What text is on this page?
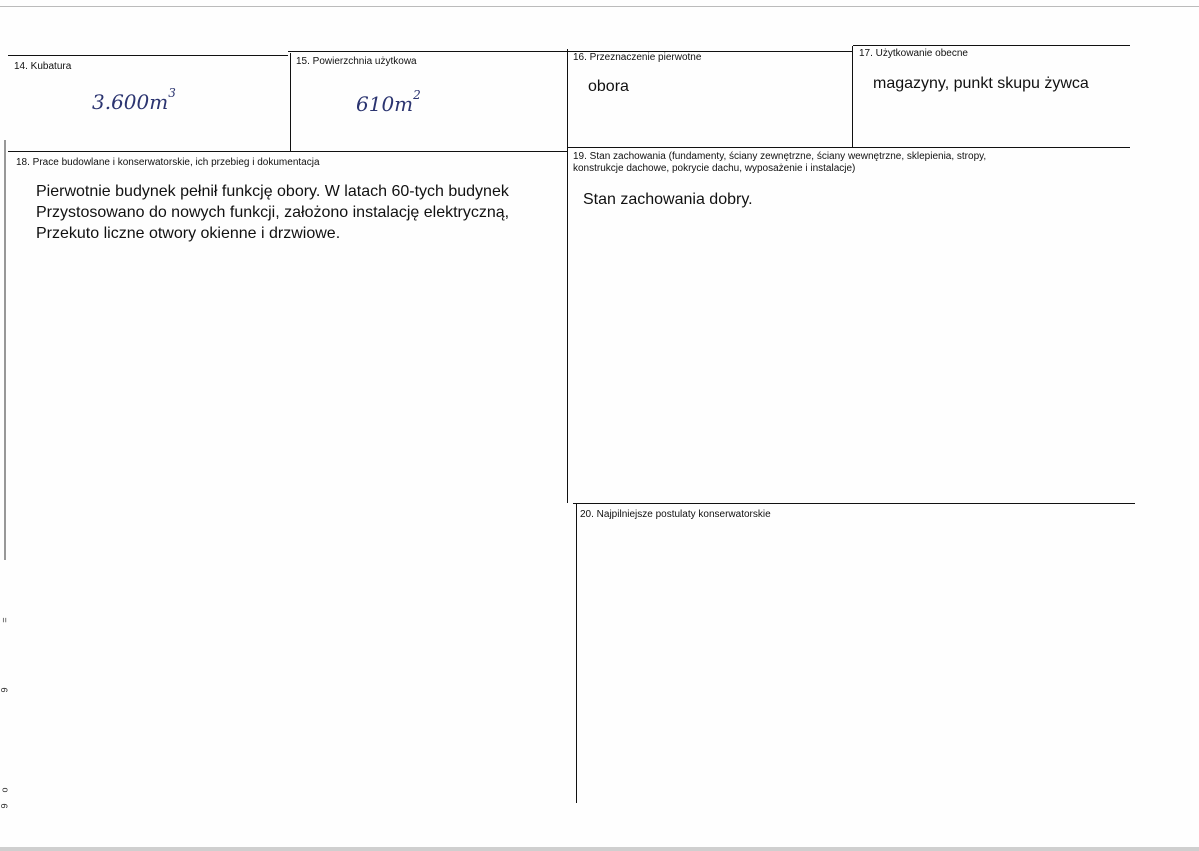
14. Kubatura
$3.600m^3$
15. Powierzchnia użytkowa
$610m^2$
16. Przeznaczenie pierwotne
obora
17. Użytkowanie obecne
magazyny, punkt skupu żywca
18. Prace budowlane i konserwatorskie, ich przebieg i dokumentacja
Pierwotnie budynek pełnił funkcję obory. W latach 60-tych budynek
Przystosowano do nowych funkcji, założono instalację elektryczną,
Przekuto liczne otwory okienne i drzwiowe.
19. Stan zachowania (fundamenty, ściany zewnętrzne, ściany wewnętrzne, sklepienia, stropy,
konstrukcje dachowe, pokrycie dachu, wyposażenie i instalacje)
Stan zachowania dobry.
20. Najpilniejsze postulaty konserwatorskie
=
9
o
9
